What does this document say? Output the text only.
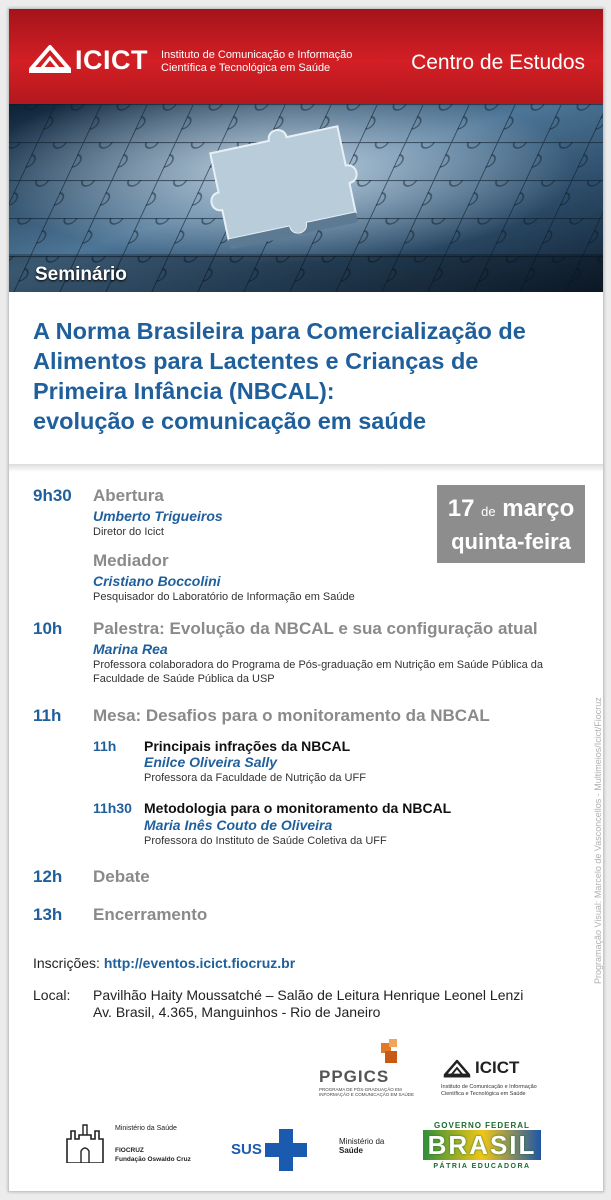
ICICT Instituto de Comunicação e Informação
Científica e Tecnológica em Saúde	Centro de Estudos
Seminário
A Norma Brasileira para Comercialização de
Alimentos para Lactentes e Crianças de
Primeira Infância (NBCAL):
evolução e comunicação em saúde
17 de março
quinta-feira
9h30 Abertura
Umberto Trigueiros
Diretor do Icict
Mediador
Cristiano Boccolini
Pesquisador do Laboratório de Informação em Saúde
10h Palestra: Evolução da NBCAL e sua configuração atual
Marina Rea
Professora colaboradora do Programa de Pós-graduação em Nutrição em Saúde Pública da
Faculdade de Saúde Pública da USP
11h Mesa: Desafios para o monitoramento da NBCAL
11h Principais infrações da NBCAL
Enilce Oliveira Sally
Professora da Faculdade de Nutrição da UFF
11h30 Metodologia para o monitoramento da NBCAL
Maria Inês Couto de Oliveira
Professora do Instituto de Saúde Coletiva da UFF
12h Debate
13h Encerramento
Inscrições: http://eventos.icict.fiocruz.br
Local: Pavilhão Haity Moussatché – Salão de Leitura Henrique Leonel Lenzi
Av. Brasil, 4.365, Manguinhos - Rio de Janeiro
Programação Visual: Marcelo de Vasconcellos - Multimeios/Icict/Fiocruz
PPGICS
PROGRAMA DE PÓS-GRADUAÇÃO EM
INFORMAÇÃO E COMUNICAÇÃO EM SAÚDE
ICICT
Instituto de Comunicação e Informação
Científica e Tecnológica em Saúde
Ministério da Saúde
FIOCRUZ
Fundação Oswaldo Cruz
SUS	Ministério da
Saúde
GOVERNO FEDERAL
BRASIL
PÁTRIA EDUCADORA
